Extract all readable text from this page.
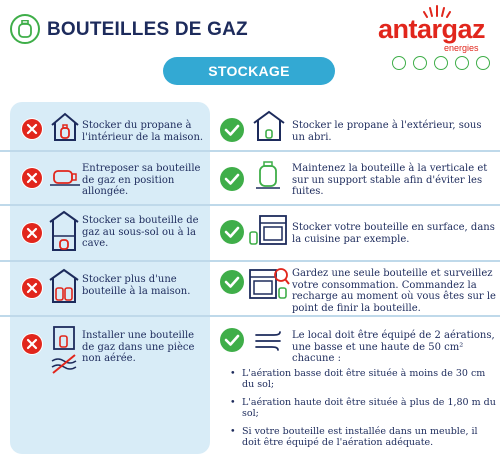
BOUTEILLES DE GAZ	antargaz
energies
STOCKAGE
Stocker du propane à l'intérieur de la maison.
Stocker le propane à l'extérieur, sous un abri.
Entreposer sa bouteille de gaz en position allongée.
Maintenez la bouteille à la verticale et sur un support stable afin d'éviter les fuites.
Stocker sa bouteille de gaz au sous-sol ou à la cave.
Stocker votre bouteille en surface, dans la cuisine par exemple.
Stocker plus d'une bouteille à la maison.
Gardez une seule bouteille et surveillez votre consommation. Commandez la recharge au moment où vous êtes sur le point de finir la bouteille.
Installer une bouteille de gaz dans une pièce non aérée.
Le local doit être équipé de 2 aérations, une basse et une haute de 50 cm² chacune :
• L'aération basse doit être située à moins de 30 cm du sol;
• L'aération haute doit être située à plus de 1,80 m du sol;
• Si votre bouteille est installée dans un meuble, il doit être équipé de l'aération adéquate.
